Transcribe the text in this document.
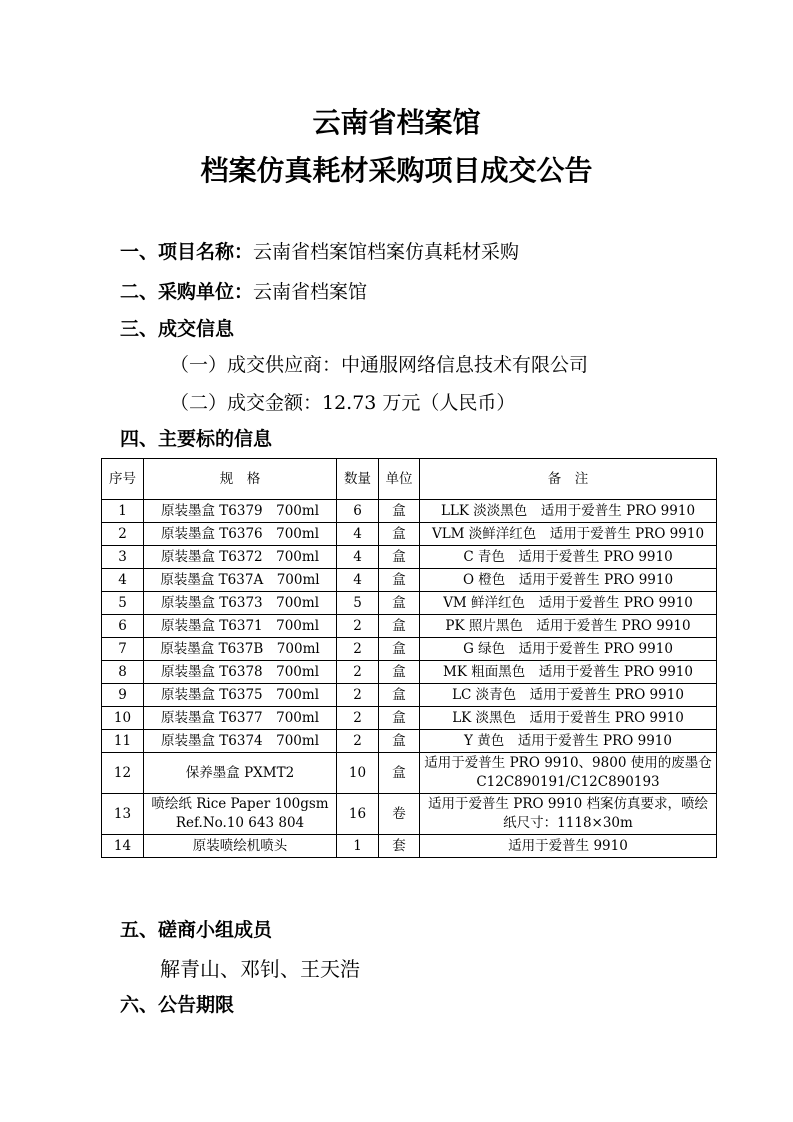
云南省档案馆
档案仿真耗材采购项目成交公告
一、项目名称：云南省档案馆档案仿真耗材采购
二、采购单位：云南省档案馆
三、成交信息
（一）成交供应商：中通服网络信息技术有限公司
（二）成交金额：12.73 万元（人民币）
四、主要标的信息
序号	规　格	数量	单位	备　注
1	原装墨盒 T6379　700ml	6	盒	LLK 淡淡黑色　适用于爱普生 PRO 9910
2	原装墨盒 T6376　700ml	4	盒	VLM 淡鲜洋红色　适用于爱普生 PRO 9910
3	原装墨盒 T6372　700ml	4	盒	C 青色　适用于爱普生 PRO 9910
4	原装墨盒 T637A　700ml	4	盒	O 橙色　适用于爱普生 PRO 9910
5	原装墨盒 T6373　700ml	5	盒	VM 鲜洋红色　适用于爱普生 PRO 9910
6	原装墨盒 T6371　700ml	2	盒	PK 照片黑色　适用于爱普生 PRO 9910
7	原装墨盒 T637B　700ml	2	盒	G 绿色　适用于爱普生 PRO 9910
8	原装墨盒 T6378　700ml	2	盒	MK 粗面黑色　适用于爱普生 PRO 9910
9	原装墨盒 T6375　700ml	2	盒	LC 淡青色　适用于爱普生 PRO 9910
10	原装墨盒 T6377　700ml	2	盒	LK 淡黑色　适用于爱普生 PRO 9910
11	原装墨盒 T6374　700ml	2	盒	Y 黄色　适用于爱普生 PRO 9910
12	保养墨盒 PXMT2	10	盒	适用于爱普生 PRO 9910、9800 使用的废墨仓 C12C890191/C12C890193
13	喷绘纸 Rice Paper 100gsm Ref.No.10 643 804	16	卷	适用于爱普生 PRO 9910 档案仿真要求，喷绘纸尺寸：1118×30m
14	原装喷绘机喷头	1	套	适用于爱普生 9910
五、磋商小组成员
解青山、邓钊、王天浩
六、公告期限
